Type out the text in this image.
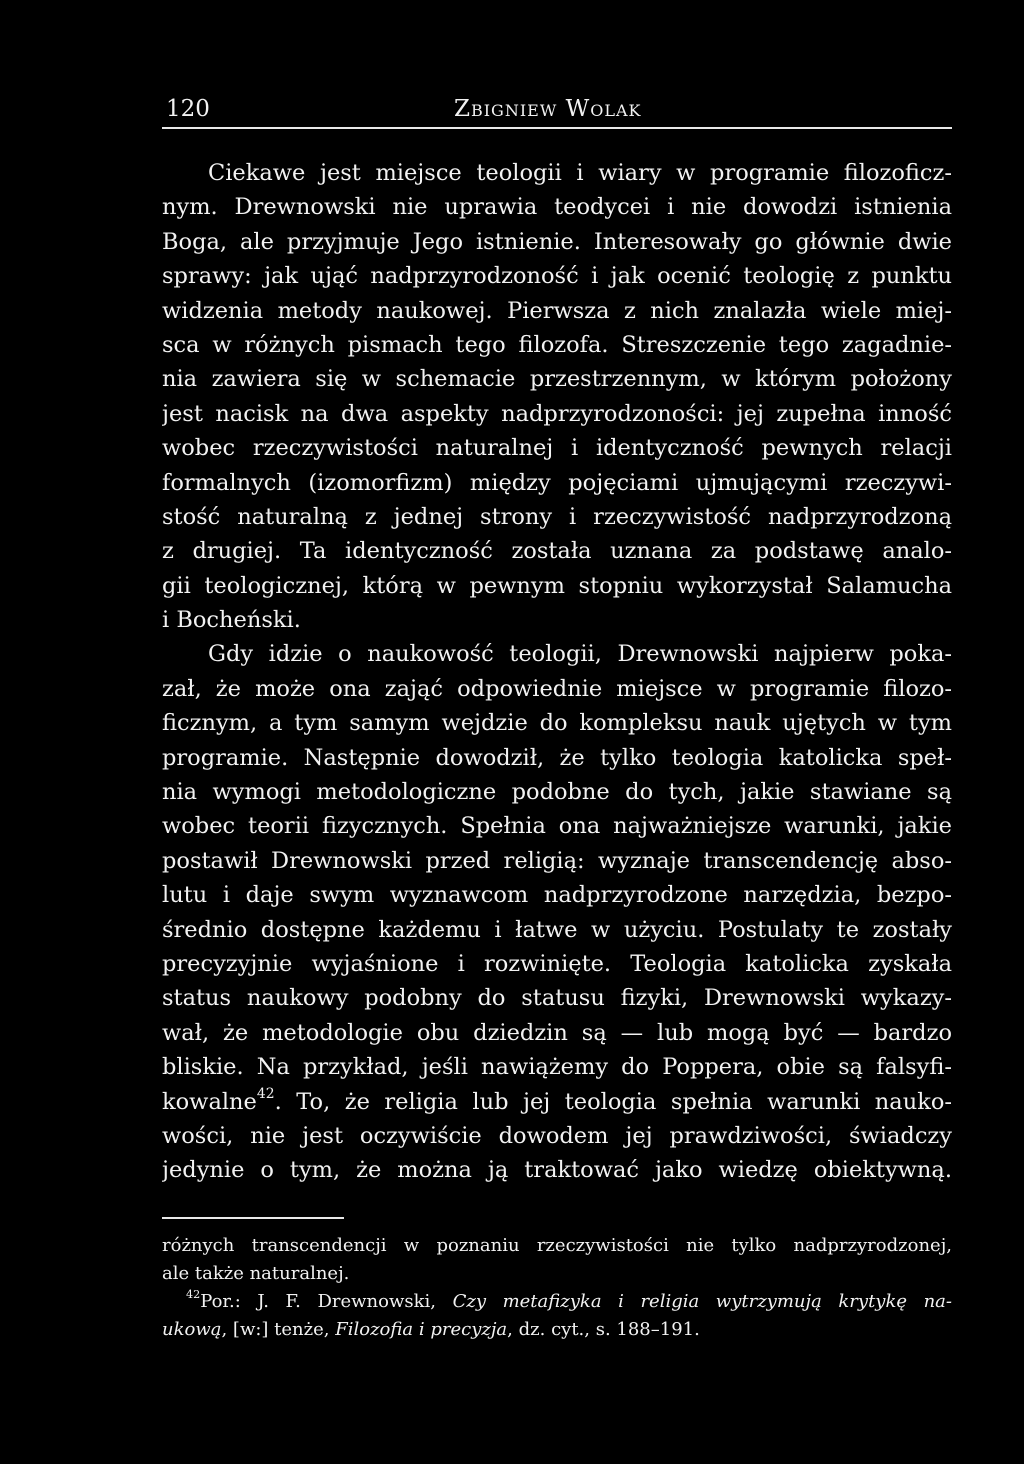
120	Zbigniew Wolak
Ciekawe jest miejsce teologii i wiary w programie filozoficz-
nym. Drewnowski nie uprawia teodycei i nie dowodzi istnienia
Boga, ale przyjmuje Jego istnienie. Interesowały go głównie dwie
sprawy: jak ująć nadprzyrodzoność i jak ocenić teologię z punktu
widzenia metody naukowej. Pierwsza z nich znalazła wiele miej-
sca w różnych pismach tego filozofa. Streszczenie tego zagadnie-
nia zawiera się w schemacie przestrzennym, w którym położony
jest nacisk na dwa aspekty nadprzyrodzoności: jej zupełna inność
wobec rzeczywistości naturalnej i identyczność pewnych relacji
formalnych (izomorfizm) między pojęciami ujmującymi rzeczywi-
stość naturalną z jednej strony i rzeczywistość nadprzyrodzoną
z drugiej. Ta identyczność została uznana za podstawę analo-
gii teologicznej, którą w pewnym stopniu wykorzystał Salamucha
i Bocheński.
Gdy idzie o naukowość teologii, Drewnowski najpierw poka-
zał, że może ona zająć odpowiednie miejsce w programie filozo-
ficznym, a tym samym wejdzie do kompleksu nauk ujętych w tym
programie. Następnie dowodził, że tylko teologia katolicka speł-
nia wymogi metodologiczne podobne do tych, jakie stawiane są
wobec teorii fizycznych. Spełnia ona najważniejsze warunki, jakie
postawił Drewnowski przed religią: wyznaje transcendencję abso-
lutu i daje swym wyznawcom nadprzyrodzone narzędzia, bezpo-
średnio dostępne każdemu i łatwe w użyciu. Postulaty te zostały
precyzyjnie wyjaśnione i rozwinięte. Teologia katolicka zyskała
status naukowy podobny do statusu fizyki, Drewnowski wykazy-
wał, że metodologie obu dziedzin są — lub mogą być — bardzo
bliskie. Na przykład, jeśli nawiążemy do Poppera, obie są falsyfi-
kowalne$^{42}$. To, że religia lub jej teologia spełnia warunki nauko-
wości, nie jest oczywiście dowodem jej prawdziwości, świadczy
jedynie o tym, że można ją traktować jako wiedzę obiektywną.
różnych transcendencji w poznaniu rzeczywistości nie tylko nadprzyrodzonej,
ale także naturalnej.
$^{42}$Por.: J. F. Drewnowski, Czy metafizyka i religia wytrzymują krytykę na-
ukową, [w:] tenże, Filozofia i precyzja, dz. cyt., s. 188–191.
